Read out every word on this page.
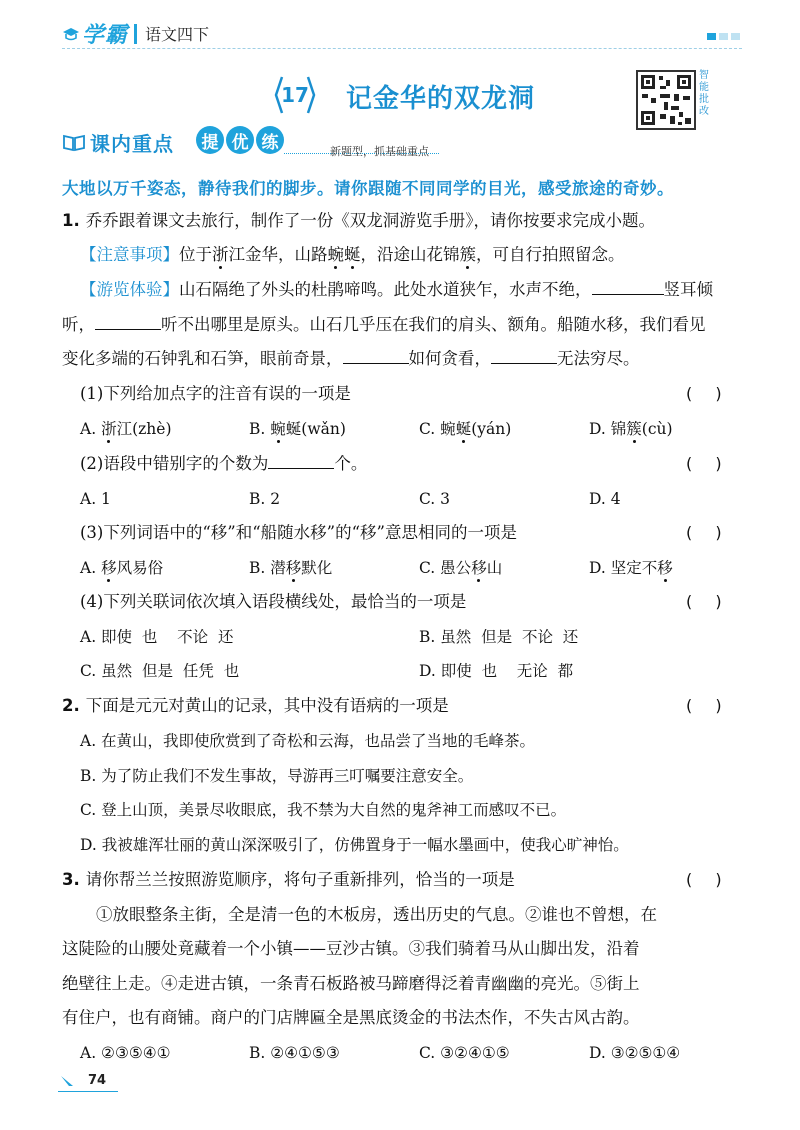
学霸 语文四下
17 记金华的双龙洞
智能批改
课内重点	提 优 练	新题型，抓基础重点
大地以万千姿态，静待我们的脚步。请你跟随不同同学的目光，感受旅途的奇妙。
1. 乔乔跟着课文去旅行，制作了一份《双龙洞游览手册》，请你按要求完成小题。
【注意事项】位于浙江金华，山路蜿蜒，沿途山花锦簇，可自行拍照留念。
【游览体验】山石隔绝了外头的杜鹃啼鸣。此处水道狭乍，水声不绝，	竖耳倾
听，	听不出哪里是原头。山石几乎压在我们的肩头、额角。船随水移，我们看见
变化多端的石钟乳和石笋，眼前奇景，	如何贪看，	无法穷尽。
(1)下列给加点字的注音有误的一项是	( )
A. 浙江(zhè)	B. 蜿蜒(wǎn)	C. 蜿蜒(yán)	D. 锦簇(cù)
(2)语段中错别字的个数为	个。	( )
A. 1	B. 2	C. 3	D. 4
(3)下列词语中的“移”和“船随水移”的“移”意思相同的一项是	( )
A. 移风易俗	B. 潜移默化	C. 愚公移山	D. 坚定不移
(4)下列关联词依次填入语段横线处，最恰当的一项是	( )
A. 即使  也    不论  还	B. 虽然  但是  不论  还
C. 虽然  但是  任凭  也	D. 即使  也    无论  都
2. 下面是元元对黄山的记录，其中没有语病的一项是	( )
A. 在黄山，我即使欣赏到了奇松和云海，也品尝了当地的毛峰茶。
B. 为了防止我们不发生事故，导游再三叮嘱要注意安全。
C. 登上山顶，美景尽收眼底，我不禁为大自然的鬼斧神工而感叹不已。
D. 我被雄浑壮丽的黄山深深吸引了，仿佛置身于一幅水墨画中，使我心旷神怡。
3. 请你帮兰兰按照游览顺序，将句子重新排列，恰当的一项是	( )
①放眼整条主街，全是清一色的木板房，透出历史的气息。②谁也不曾想，在
这陡险的山腰处竟藏着一个小镇——豆沙古镇。③我们骑着马从山脚出发，沿着
绝壁往上走。④走进古镇，一条青石板路被马蹄磨得泛着青幽幽的亮光。⑤街上
有住户，也有商铺。商户的门店牌匾全是黑底烫金的书法杰作，不失古风古韵。
A. ②③⑤④①	B. ②④①⑤③	C. ③②④①⑤	D. ③②⑤①④
74
